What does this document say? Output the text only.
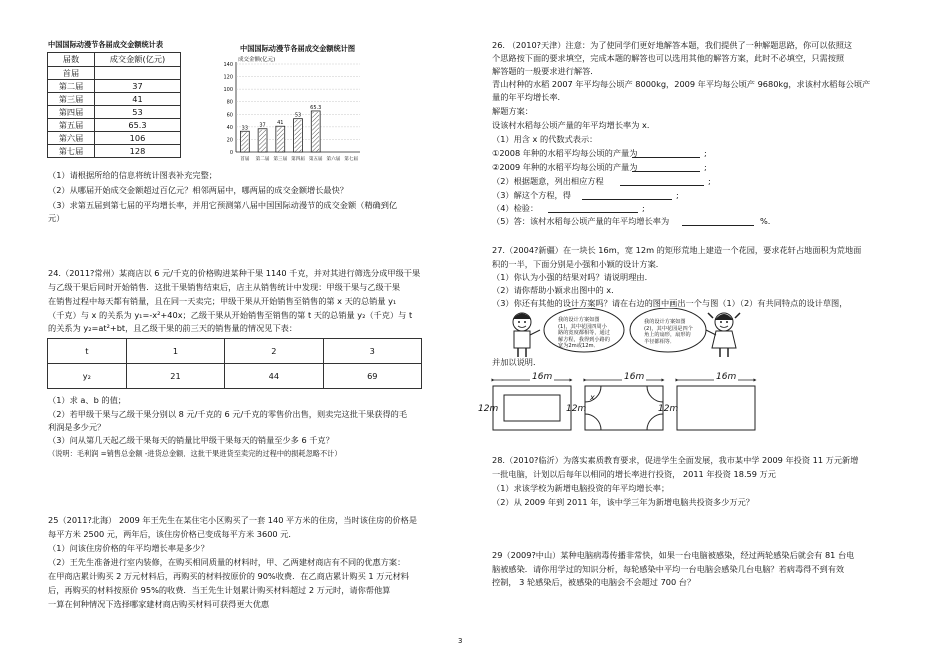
中国国际动漫节各届成交金额统计表
届数	成交金额(亿元)
首届	
第二届	37
第三届	41
第四届	53
第五届	65.3
第六届	106
第七届	128
中国国际动漫节各届成交金额统计图
成交金额(亿元)
0
20
40
60
80
100
120
140
33
首届
37
第二届
41
第三届
53
第四届
65.3
第五届 第六届 第七届
（1）请根据所给的信息将统计图表补充完整；
（2）从哪届开始成交金额超过百亿元？相邻两届中，哪两届的成交金额增长最快？
（3）求第五届到第七届的平均增长率，并用它预测第八届中国国际动漫节的成交金额（精确到亿
元）
24.（2011?常州）某商店以 6 元/千克的价格购进某种干果 1140 千克，并对其进行筛选分成甲级干果
与乙级干果后同时开始销售．这批干果销售结束后，店主从销售统计中发现：甲级干果与乙级干果
在销售过程中每天都有销量，且在同一天卖完；甲级干果从开始销售至销售的第 x 天的总销量 y₁
（千克）与 x 的关系为 y₁=-x²+40x；乙级干果从开始销售至销售的第 t 天的总销量 y₂（千克）与 t
的关系为 y₂=at²+bt，且乙级干果的前三天的销售量的情况见下表：
t	1	2	3
y₂	21	44	69
（1）求 a、b 的值；
（2）若甲级干果与乙级干果分别以 8 元/千克的 6 元/千克的零售价出售，则卖完这批干果获得的毛
利润是多少元？
（3）问从第几天起乙级干果每天的销量比甲级干果每天的销量至少多 6 千克？
（说明：毛利润 =销售总金额 -进货总金额．这批干果进货至卖完的过程中的损耗忽略不计）
25（2011?北海） 2009 年王先生在某住宅小区购买了一套 140 平方米的住房，当时该住房的价格是
每平方米 2500 元，两年后，该住房价格已变成每平方米 3600 元．
（1）问该住房价格的年平均增长率是多少？
（2）王先生准备进行室内装修，在购买相同质量的材料时，甲、乙两建材商店有不同的优惠方案：
在甲商店累计购买 2 万元材料后，再购买的材料按原价的 90%收费．在乙商店累计购买 1 万元材料
后，再购买的材料按原价 95%的收费．当王先生计划累计购买材料超过 2 万元时，请你帮他算
一算在何种情况下选择哪家建材商店购买材料可获得更大优惠
26. （2010?天津）注意：为了使同学们更好地解答本题，我们提供了一种解题思路，你可以依照这
个思路按下面的要求填空，完成本题的解答也可以选用其他的解答方案，此时不必填空，只需按照
解答题的一般要求进行解答．
青山村种的水稻 2007 年平均每公顷产 8000kg，2009 年平均每公顷产 9680kg，求该村水稻每公顷产
量的年平均增长率．
解题方案：
设该村水稻每公顷产量的年平均增长率为 x．
（1）用含 x 的代数式表示：
①2008 年种的水稻平均每公顷的产量为	;
②2009 年种的水稻平均每公顷的产量为	;
（2）根据题意，列出相应方程	;
（3）解这个方程，得	;
（4）检验：	;
（5）答：该村水稻每公顷产量的年平均增长率为	%.
27.（2004?新疆）在一块长 16m，宽 12m 的矩形荒地上建造一个花园，要求花轩占地面积为荒地面
积的一半，下面分别是小强和小颖的设计方案．
（1）你认为小强的结果对吗？请说明理由．
（2）请你帮助小颖求出图中的 x．
（3）你还有其他的设计方案吗？请在右边的图中画出一个与图（1）（2）有共同特点的设计草图，
我的设计方案如图(1)，其中花园四周小路的宽度都相等，通过解方程，我得到小路的宽为2m或12m．
我的设计方案如图(2)，其中花园是四个角上的扇形，扇形的半径都相等．
并加以说明．
16m	16m	16m
12m	12m	12m
x
28.（2010?临沂）为落实素质教育要求，促进学生全面发展，我市某中学 2009 年投资 11 万元新增
一批电脑，计划以后每年以相同的增长率进行投资， 2011 年投资 18.59 万元
（1）求该学校为新增电脑投资的年平均增长率；
（2）从 2009 年到 2011 年，该中学三年为新增电脑共投资多少万元？
29（2009?中山）某种电脑病毒传播非常快，如果一台电脑被感染，经过两轮感染后就会有 81 台电
脑被感染．请你用学过的知识分析，每轮感染中平均一台电脑会感染几台电脑？若病毒得不到有效
控制， 3 轮感染后，被感染的电脑会不会超过 700 台？
3
